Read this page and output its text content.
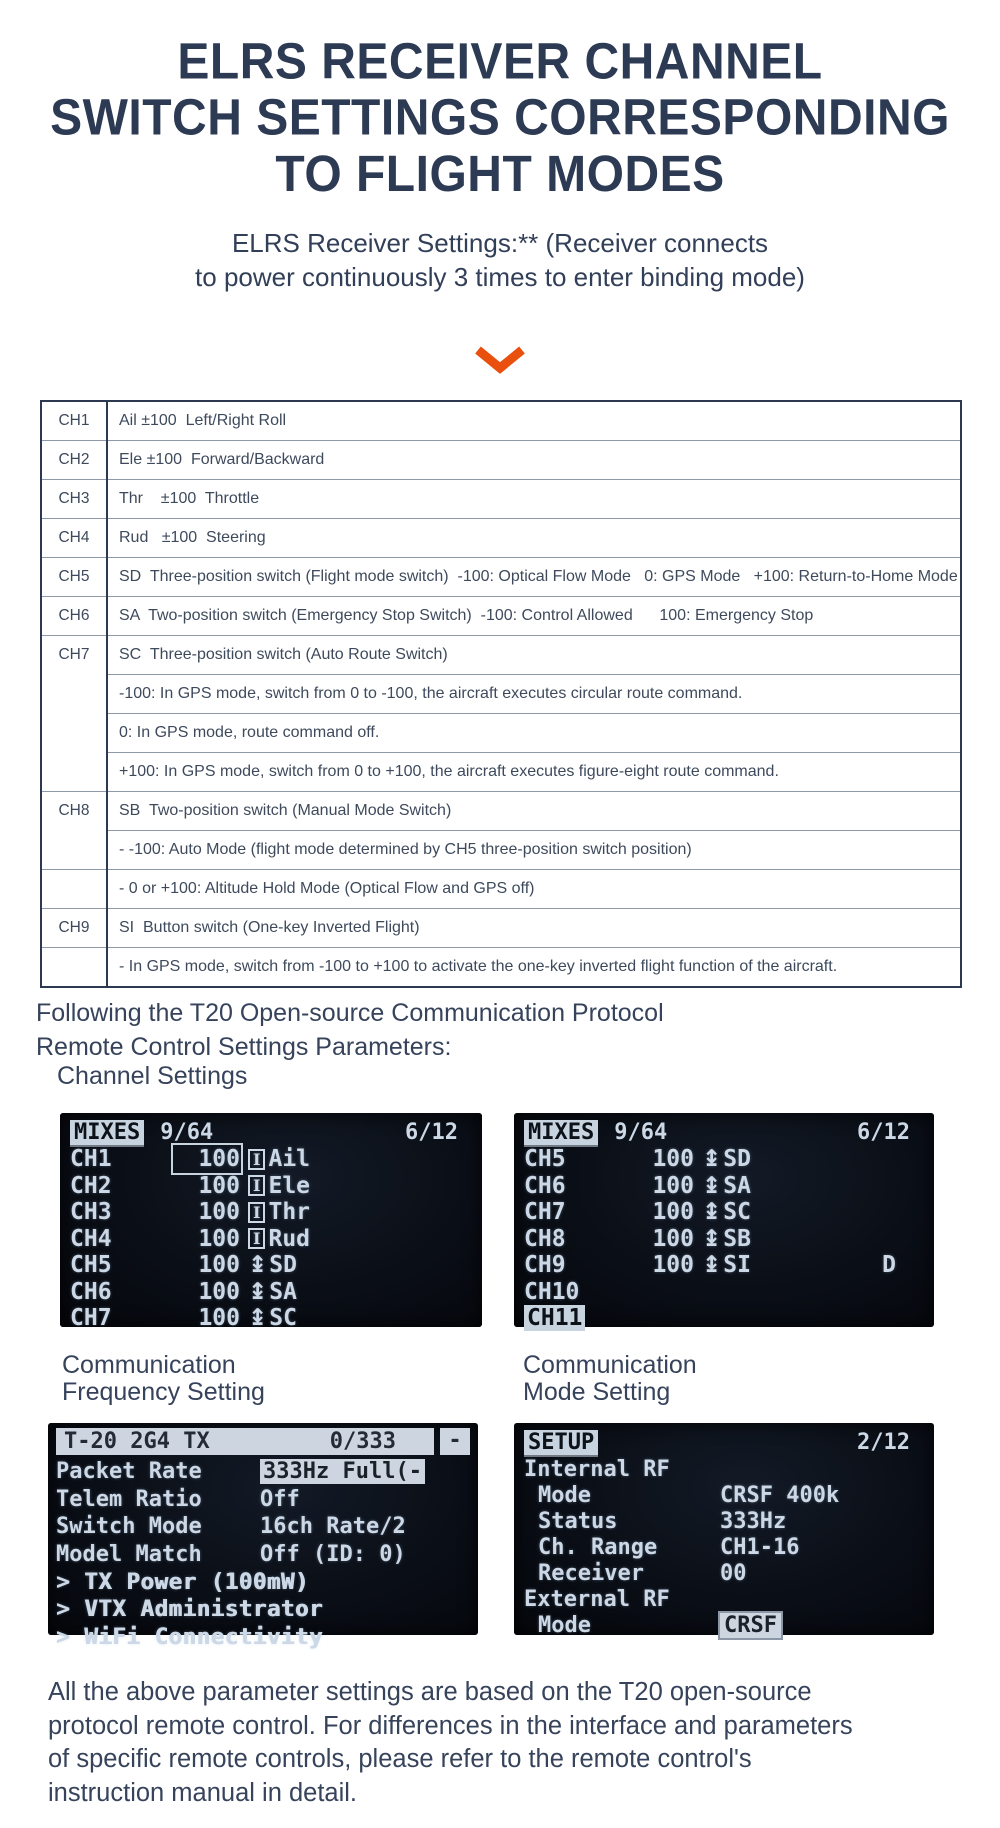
ELRS RECEIVER CHANNEL
SWITCH SETTINGS CORRESPONDING
TO FLIGHT MODES
ELRS Receiver Settings:** (Receiver connects
to power continuously 3 times to enter binding mode)
CH1	Ail ±100  Left/Right Roll
CH2	Ele ±100  Forward/Backward
CH3	Thr    ±100  Throttle
CH4	Rud   ±100  Steering
CH5	SD  Three-position switch (Flight mode switch)  -100: Optical Flow Mode   0: GPS Mode   +100: Return-to-Home Mode
CH6	SA  Two-position switch (Emergency Stop Switch)  -100: Control Allowed      100: Emergency Stop
CH7	SC  Three-position switch (Auto Route Switch)
	-100: In GPS mode, switch from 0 to -100, the aircraft executes circular route command.
	0: In GPS mode, route command off.
	+100: In GPS mode, switch from 0 to +100, the aircraft executes figure-eight route command.
CH8	SB  Two-position switch (Manual Mode Switch)
	- -100: Auto Mode (flight mode determined by CH5 three-position switch position)
	- 0 or +100: Altitude Hold Mode (Optical Flow and GPS off)
CH9	SI  Button switch (One-key Inverted Flight)
	- In GPS mode, switch from -100 to +100 to activate the one-key inverted flight function of the aircraft.
Following the T20 Open-source Communication Protocol
Remote Control Settings Parameters:
Channel Settings
MIXES 9/64	6/12
CH1	100 I Ail
CH2	100 I Ele
CH3	100 I Thr
CH4	100 I Rud
CH5	100 ↨ SD
CH6	100 ↨ SA
CH7	100 ↨ SC
MIXES 9/64	6/12
CH5	100 ↨ SD
CH6	100 ↨ SA
CH7	100 ↨ SC
CH8	100 ↨ SB
CH9	100 ↨ SI	D
CH10
CH11
Communication
Frequency Setting
Communication
Mode Setting
T-20 2G4 TX	0/333	-
Packet Rate	333Hz Full(-
Telem Ratio	Off
Switch Mode	16ch Rate/2
Model Match	Off (ID: 0)
> TX Power (100mW)
> VTX Administrator
> WiFi Connectivity
SETUP	2/12
Internal RF
Mode	CRSF 400k
Status	333Hz
Ch. Range	CH1-16
Receiver	00
External RF
Mode	CRSF
All the above parameter settings are based on the T20 open-source
protocol remote control. For differences in the interface and parameters
of specific remote controls, please refer to the remote control's
instruction manual in detail.
